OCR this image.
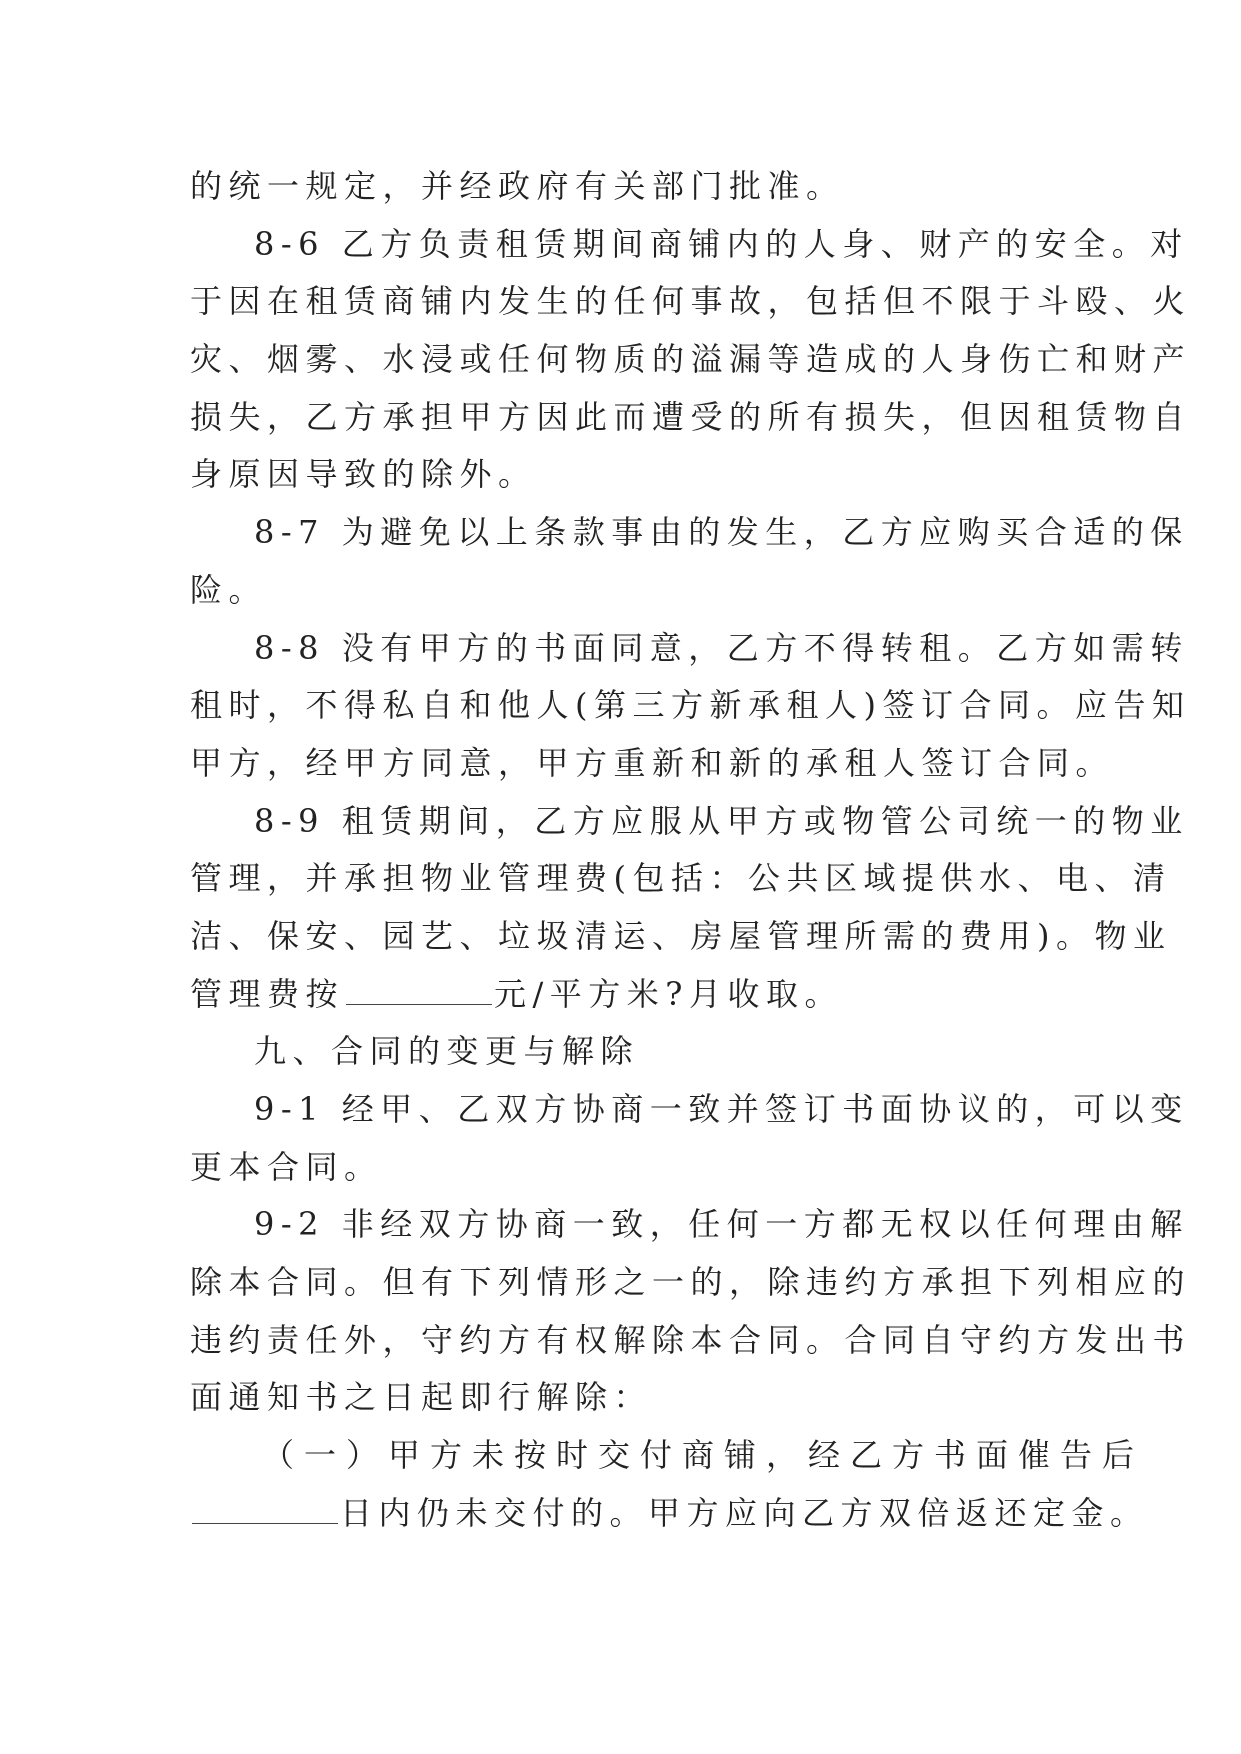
的统一规定，并经政府有关部门批准。
8-6 乙方负责租赁期间商铺内的人身、财产的安全。对
于因在租赁商铺内发生的任何事故，包括但不限于斗殴、火
灾、烟雾、水浸或任何物质的溢漏等造成的人身伤亡和财产
损失，乙方承担甲方因此而遭受的所有损失，但因租赁物自
身原因导致的除外。
8-7 为避免以上条款事由的发生，乙方应购买合适的保
险。
8-8 没有甲方的书面同意，乙方不得转租。乙方如需转
租时，不得私自和他人(第三方新承租人)签订合同。应告知
甲方，经甲方同意，甲方重新和新的承租人签订合同。
8-9 租赁期间，乙方应服从甲方或物管公司统一的物业
管理，并承担物业管理费(包括：公共区域提供水、电、清
洁、保安、园艺、垃圾清运、房屋管理所需的费用)。物业
管理费按	元/平方米?月收取。
九、合同的变更与解除
9-1 经甲、乙双方协商一致并签订书面协议的，可以变
更本合同。
9-2 非经双方协商一致，任何一方都无权以任何理由解
除本合同。但有下列情形之一的，除违约方承担下列相应的
违约责任外，守约方有权解除本合同。合同自守约方发出书
面通知书之日起即行解除：
（一）甲方未按时交付商铺，经乙方书面催告后
日内仍未交付的。甲方应向乙方双倍返还定金。
